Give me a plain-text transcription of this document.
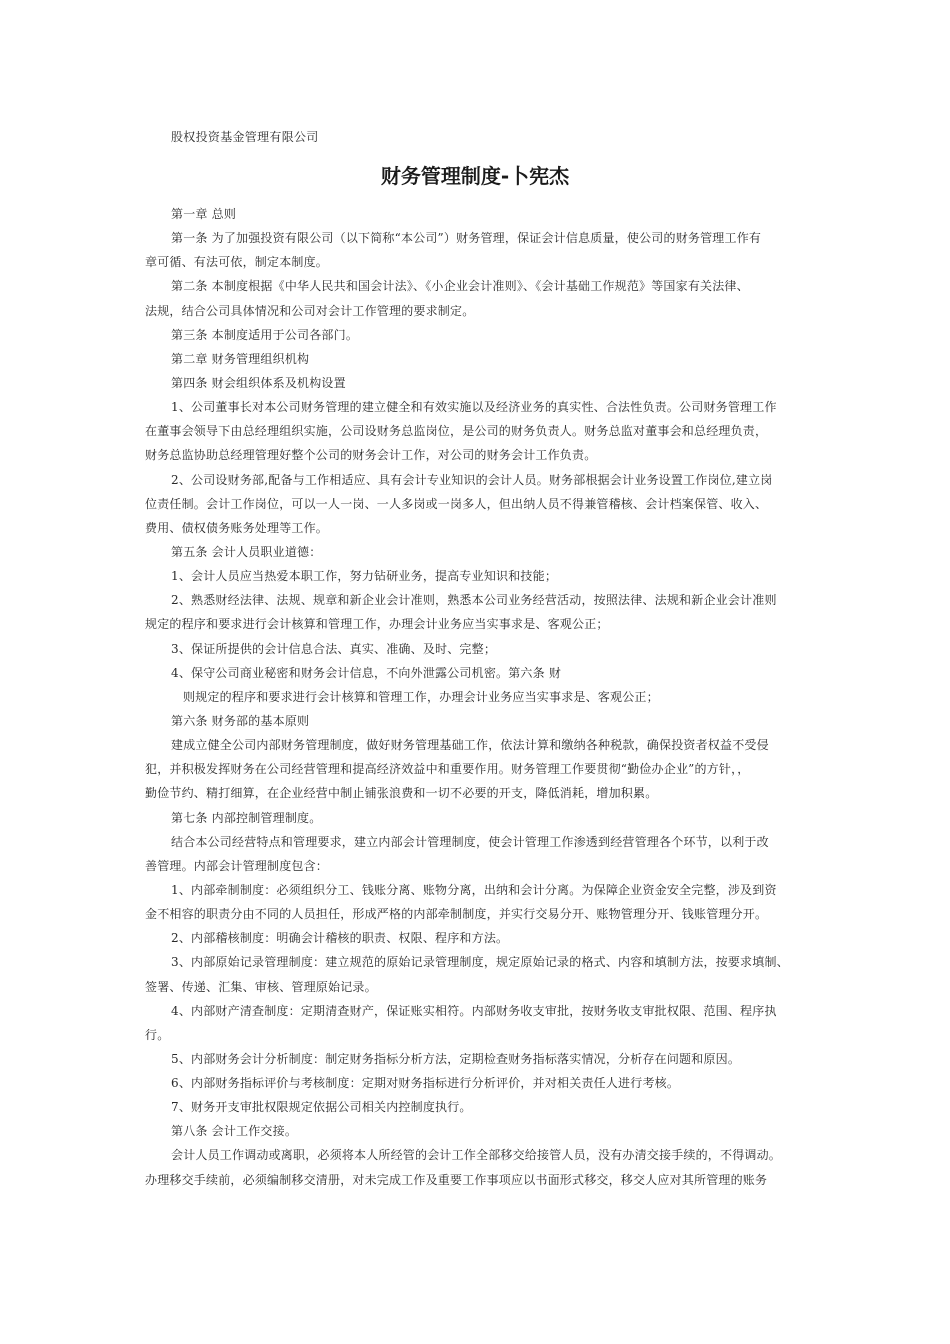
股权投资基金管理有限公司
财务管理制度-卜宪杰
第一章 总则
第一条 为了加强投资有限公司（以下简称“本公司”）财务管理，保证会计信息质量，使公司的财务管理工作有
章可循、有法可依，制定本制度。
第二条 本制度根据《中华人民共和国会计法》、《小企业会计准则》、《会计基础工作规范》等国家有关法律、
法规，结合公司具体情况和公司对会计工作管理的要求制定。
第三条 本制度适用于公司各部门。
第二章 财务管理组织机构
第四条 财会组织体系及机构设置
1、公司董事长对本公司财务管理的建立健全和有效实施以及经济业务的真实性、合法性负责。公司财务管理工作
在董事会领导下由总经理组织实施，公司设财务总监岗位，是公司的财务负责人。财务总监对董事会和总经理负责，
财务总监协助总经理管理好整个公司的财务会计工作，对公司的财务会计工作负责。
2、公司设财务部,配备与工作相适应、具有会计专业知识的会计人员。财务部根据会计业务设置工作岗位,建立岗
位责任制。会计工作岗位，可以一人一岗、一人多岗或一岗多人，但出纳人员不得兼管稽核、会计档案保管、收入、
费用、债权债务账务处理等工作。
第五条 会计人员职业道德：
1、会计人员应当热爱本职工作，努力钻研业务，提高专业知识和技能；
2、熟悉财经法律、法规、规章和新企业会计准则，熟悉本公司业务经营活动，按照法律、法规和新企业会计准则
规定的程序和要求进行会计核算和管理工作，办理会计业务应当实事求是、客观公正；
3、保证所提供的会计信息合法、真实、准确、及时、完整；
4、保守公司商业秘密和财务会计信息，不向外泄露公司机密。第六条 财
则规定的程序和要求进行会计核算和管理工作，办理会计业务应当实事求是、客观公正；
第六条 财务部的基本原则
建成立健全公司内部财务管理制度，做好财务管理基础工作，依法计算和缴纳各种税款，确保投资者权益不受侵
犯，并积极发挥财务在公司经营管理和提高经济效益中和重要作用。财务管理工作要贯彻“勤俭办企业”的方针，，
勤俭节约、精打细算，在企业经营中制止铺张浪费和一切不必要的开支，降低消耗，增加积累。
第七条 内部控制管理制度。
结合本公司经营特点和管理要求，建立内部会计管理制度，使会计管理工作渗透到经营管理各个环节，以利于改
善管理。内部会计管理制度包含：
1、内部牵制制度：必须组织分工、钱账分离、账物分离，出纳和会计分离。为保障企业资金安全完整，涉及到资
金不相容的职责分由不同的人员担任，形成严格的内部牵制制度，并实行交易分开、账物管理分开、钱账管理分开。
2、内部稽核制度：明确会计稽核的职责、权限、程序和方法。
3、内部原始记录管理制度：建立规范的原始记录管理制度，规定原始记录的格式、内容和填制方法，按要求填制、
签署、传递、汇集、审核、管理原始记录。
4、内部财产清查制度：定期清查财产，保证账实相符。内部财务收支审批，按财务收支审批权限、范围、程序执
行。
5、内部财务会计分析制度：制定财务指标分析方法，定期检查财务指标落实情况，分析存在问题和原因。
6、内部财务指标评价与考核制度：定期对财务指标进行分析评价，并对相关责任人进行考核。
7、财务开支审批权限规定依据公司相关内控制度执行。
第八条 会计工作交接。
会计人员工作调动或离职，必须将本人所经管的会计工作全部移交给接管人员，没有办清交接手续的，不得调动。
办理移交手续前，必须编制移交清册，对未完成工作及重要工作事项应以书面形式移交，移交人应对其所管理的账务
